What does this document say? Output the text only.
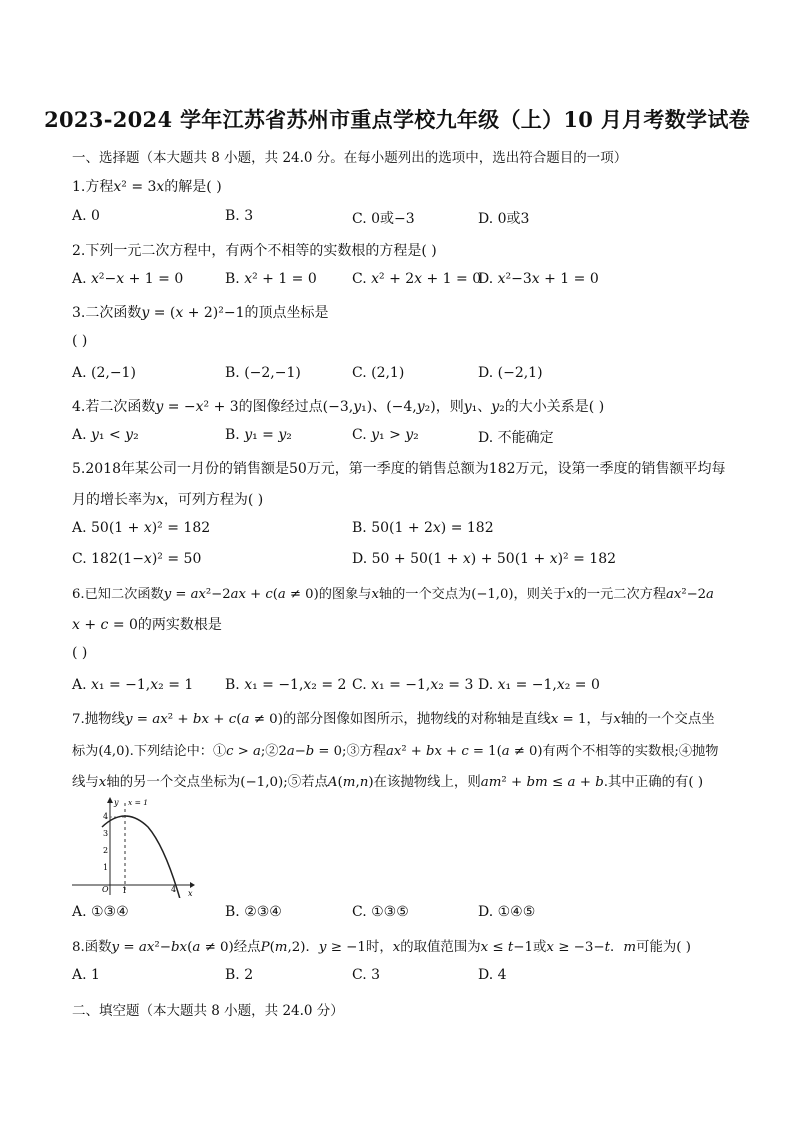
2023-2024 学年江苏省苏州市重点学校九年级（上）10 月月考数学试卷
一、选择题（本大题共 8 小题，共 24.0 分。在每小题列出的选项中，选出符合题目的一项）
1.方程𝑥² = 3𝑥的解是( )
A. 0	B. 3	C. 0或−3	D. 0或3
2.下列一元二次方程中，有两个不相等的实数根的方程是( )
A. 𝑥²−𝑥 + 1 = 0	B. 𝑥² + 1 = 0	C. 𝑥² + 2𝑥 + 1 = 0
D. 𝑥²−3𝑥 + 1 = 0
3.二次函数𝑦 = (𝑥 + 2)²−1的顶点坐标是
( )
A. (2,−1)	B. (−2,−1)	C. (2,1)	D. (−2,1)
4.若二次函数𝑦 = −𝑥² + 3的图像经过点(−3,𝑦₁)、(−4,𝑦₂)，则𝑦₁、𝑦₂的大小关系是( )
A. 𝑦₁ < 𝑦₂	B. 𝑦₁ = 𝑦₂	C. 𝑦₁ > 𝑦₂	D. 不能确定
5.2018年某公司一月份的销售额是50万元，第一季度的销售总额为182万元，设第一季度的销售额平均每
月的增长率为𝑥，可列方程为( )
A. 50(1 + 𝑥)² = 182	B. 50(1 + 2𝑥) = 182
C. 182(1−𝑥)² = 50	D. 50 + 50(1 + 𝑥) + 50(1 + 𝑥)² = 182
6.已知二次函数𝑦 = 𝑎𝑥²−2𝑎𝑥 + 𝑐(𝑎 ≠ 0)的图象与𝑥轴的一个交点为(−1,0)，则关于𝑥的一元二次方程𝑎𝑥²−2𝑎
𝑥 + 𝑐 = 0的两实数根是
( )
A. 𝑥₁ = −1,𝑥₂ = 1 B. 𝑥₁ = −1,𝑥₂ = 2 C. 𝑥₁ = −1,𝑥₂ = 3 D. 𝑥₁ = −1,𝑥₂ = 0
7.抛物线𝑦 = 𝑎𝑥² + 𝑏𝑥 + 𝑐(𝑎 ≠ 0)的部分图像如图所示，抛物线的对称轴是直线𝑥 = 1，与𝑥轴的一个交点坐
标为(4,0).下列结论中：①𝑐 > 𝑎;②2𝑎−𝑏 = 0;③方程𝑎𝑥² + 𝑏𝑥 + 𝑐 = 1(𝑎 ≠ 0)有两个不相等的实数根;④抛物
线与𝑥轴的另一个交点坐标为(−1,0);⑤若点𝐴(𝑚,𝑛)在该抛物线上，则𝑎𝑚² + 𝑏𝑚 ≤ 𝑎 + 𝑏.其中正确的有( )
y
x
x = 1
4
3
2
1
O 1	4
A. ①③④	B. ②③④	C. ①③⑤	D. ①④⑤
8.函数𝑦 = 𝑎𝑥²−𝑏𝑥(𝑎 ≠ 0)经点𝑃(𝑚,2)．𝑦 ≥ −1时，𝑥的取值范围为𝑥 ≤ 𝑡−1或𝑥 ≥ −3−𝑡．𝑚可能为( )
A. 1	B. 2	C. 3	D. 4
二、填空题（本大题共 8 小题，共 24.0 分）
